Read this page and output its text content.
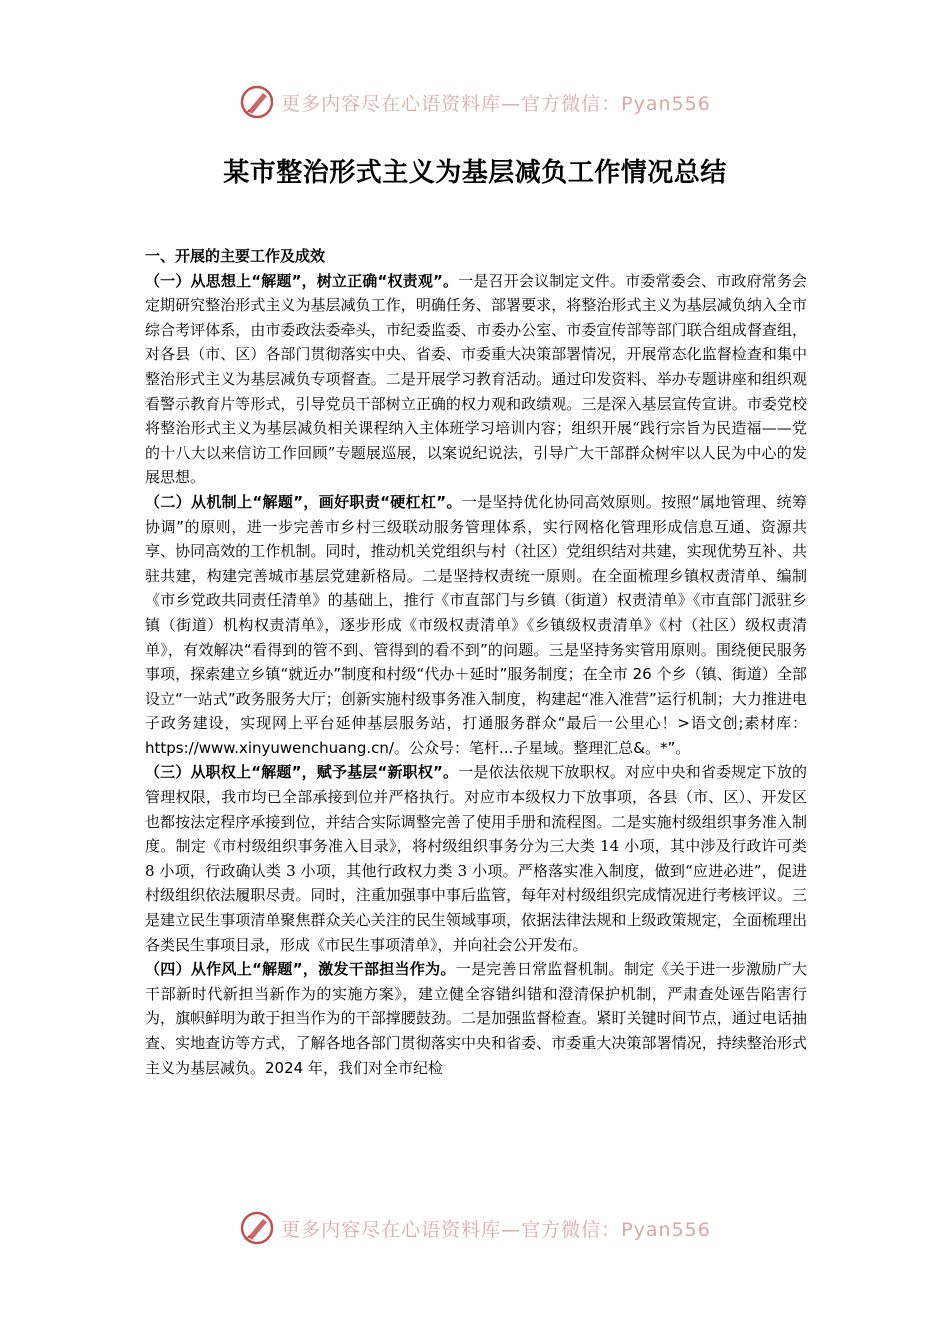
更多内容尽在心语资料库—官方微信：Pyan556
某市整治形式主义为基层减负工作情况总结

一、开展的主要工作及成效

（一）从思想上“解题”，树立正确“权责观”。一是召开会议制定文件。市委常委会、市政府常务会定期研究整治形式主义为基层减负工作，明确任务、部署要求，将整治形式主义为基层减负纳入全市综合考评体系，由市委政法委牵头，市纪委监委、市委办公室、市委宣传部等部门联合组成督查组，对各县（市、区）各部门贯彻落实中央、省委、市委重大决策部署情况，开展常态化监督检查和集中整治形式主义为基层减负专项督查。二是开展学习教育活动。通过印发资料、举办专题讲座和组织观看警示教育片等形式，引导党员干部树立正确的权力观和政绩观。三是深入基层宣传宣讲。市委党校将整治形式主义为基层减负相关课程纳入主体班学习培训内容；组织开展“践行宗旨为民造福——党的十八大以来信访工作回顾”专题展巡展，以案说纪说法，引导广大干部群众树牢以人民为中心的发展思想。

（二）从机制上“解题”，画好职责“硬杠杠”。一是坚持优化协同高效原则。按照“属地管理、统筹协调”的原则，进一步完善市乡村三级联动服务管理体系，实行网格化管理形成信息互通、资源共享、协同高效的工作机制。同时，推动机关党组织与村（社区）党组织结对共建，实现优势互补、共驻共建，构建完善城市基层党建新格局。二是坚持权责统一原则。在全面梳理乡镇权责清单、编制《市乡党政共同责任清单》的基础上，推行《市直部门与乡镇（街道）权责清单》《市直部门派驻乡镇（街道）机构权责清单》，逐步形成《市级权责清单》《乡镇级权责清单》《村（社区）级权责清单》，有效解决“看得到的管不到、管得到的看不到”的问题。三是坚持务实管用原则。围绕便民服务事项，探索建立乡镇“就近办”制度和村级“代办＋延时”服务制度；在全市 26 个乡（镇、街道）全部设立“一站式”政务服务大厅；创新实施村级事务准入制度，构建起“准入准营”运行机制；大力推进电子政务建设，实现网上平台延伸基层服务站，打通服务群众“最后一公里心！>语文创;素材库：https://www.xinyuwenchuang.cn/。公众号：笔杆...子星域。整理汇总&。*”。

（三）从职权上“解题”，赋予基层“新职权”。一是依法依规下放职权。对应中央和省委规定下放的管理权限，我市均已全部承接到位并严格执行。对应市本级权力下放事项，各县（市、区）、开发区也都按法定程序承接到位，并结合实际调整完善了使用手册和流程图。二是实施村级组织事务准入制度。制定《市村级组织事务准入目录》，将村级组织事务分为三大类 14 小项，其中涉及行政许可类 8 小项，行政确认类 3 小项，其他行政权力类 3 小项。严格落实准入制度，做到“应进必进”，促进村级组织依法履职尽责。同时，注重加强事中事后监管，每年对村级组织完成情况进行考核评议。三是建立民生事项清单聚焦群众关心关注的民生领域事项，依据法律法规和上级政策规定，全面梳理出各类民生事项目录，形成《市民生事项清单》，并向社会公开发布。

（四）从作风上“解题”，激发干部担当作为。一是完善日常监督机制。制定《关于进一步激励广大干部新时代新担当新作为的实施方案》，建立健全容错纠错和澄清保护机制，严肃查处诬告陷害行为，旗帜鲜明为敢于担当作为的干部撑腰鼓劲。二是加强监督检查。紧盯关键时间节点，通过电话抽查、实地查访等方式，了解各地各部门贯彻落实中央和省委、市委重大决策部署情况，持续整治形式主义为基层减负。2024 年，我们对全市纪检

更多内容尽在心语资料库—官方微信：Pyan556
